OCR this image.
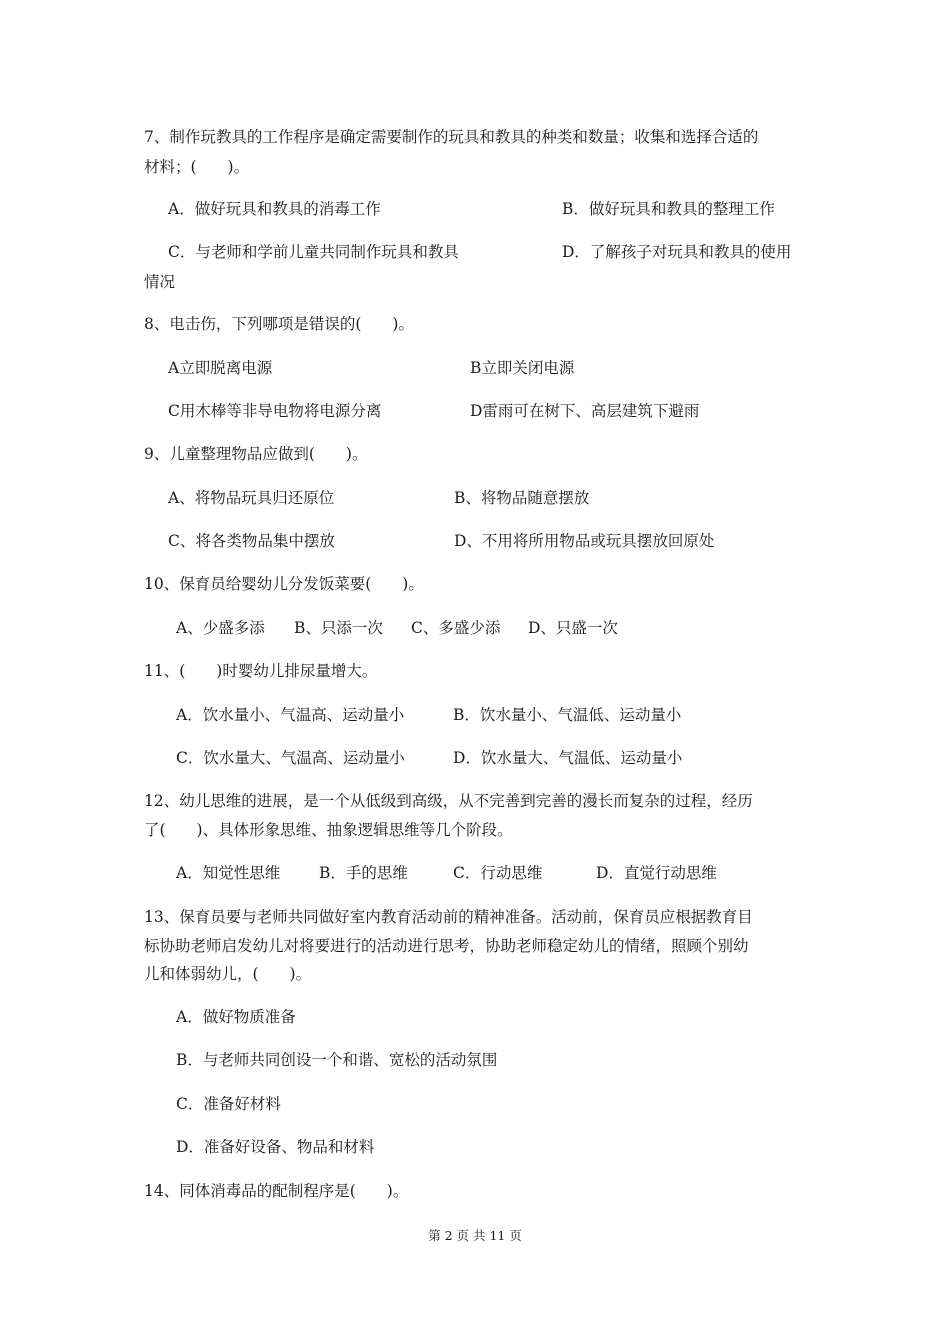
7、制作玩教具的工作程序是确定需要制作的玩具和教具的种类和数量；收集和选择合适的
材料；(　　)。
A．做好玩具和教具的消毒工作	B．做好玩具和教具的整理工作
C．与老师和学前儿童共同制作玩具和教具	D．了解孩子对玩具和教具的使用
情况
8、电击伤，下列哪项是错误的(　　)。
A立即脱离电源	B立即关闭电源
C用木棒等非导电物将电源分离	D雷雨可在树下、高层建筑下避雨
9、儿童整理物品应做到(　　)。
A、将物品玩具归还原位	B、将物品随意摆放
C、将各类物品集中摆放	D、不用将所用物品或玩具摆放回原处
10、保育员给婴幼儿分发饭菜要(　　)。
A、少盛多添 B、只添一次 C、多盛少添 D、只盛一次
11、(　　)时婴幼儿排尿量增大。
A．饮水量小、气温高、运动量小	B．饮水量小、气温低、运动量小
C．饮水量大、气温高、运动量小	D．饮水量大、气温低、运动量小
12、幼儿思维的进展，是一个从低级到高级，从不完善到完善的漫长而复杂的过程，经历
了(　　)、具体形象思维、抽象逻辑思维等几个阶段。
A．知觉性思维	B．手的思维	C．行动思维	D．直觉行动思维
13、保育员要与老师共同做好室内教育活动前的精神准备。活动前，保育员应根据教育目
标协助老师启发幼儿对将要进行的活动进行思考，协助老师稳定幼儿的情绪，照顾个别幼
儿和体弱幼儿，(　　)。
A．做好物质准备
B．与老师共同创设一个和谐、宽松的活动氛围
C．准备好材料
D．准备好设备、物品和材料
14、同体消毒品的配制程序是(　　)。
第 2 页 共 11 页
